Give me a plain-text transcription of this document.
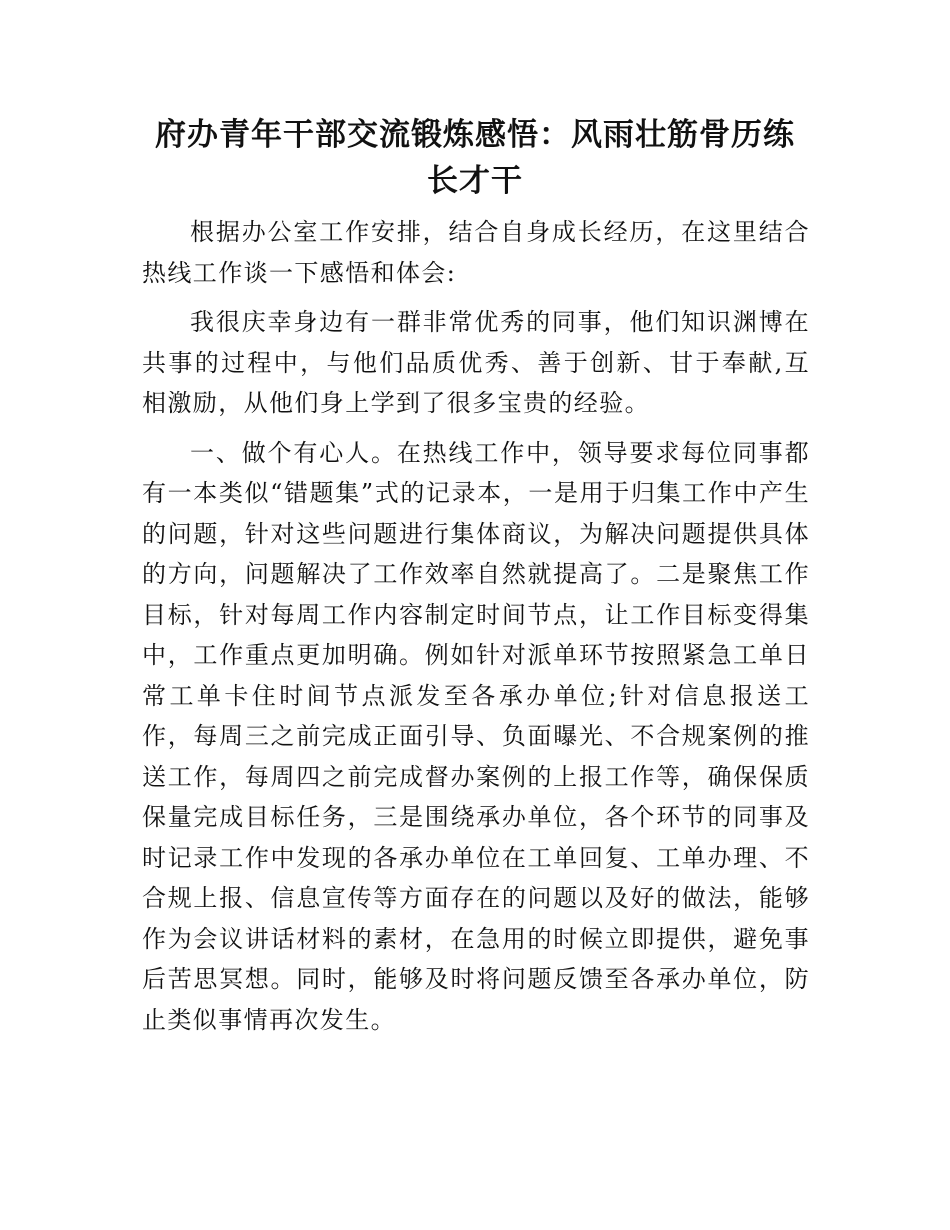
府办青年干部交流锻炼感悟：风雨壮筋骨历练长才干

根据办公室工作安排，结合自身成长经历，在这里结合热线工作谈一下感悟和体会:

我很庆幸身边有一群非常优秀的同事，他们知识渊博在共事的过程中，与他们品质优秀、善于创新、甘于奉献,互相激励，从他们身上学到了很多宝贵的经验。

一、做个有心人。在热线工作中，领导要求每位同事都有一本类似“错题集”式的记录本，一是用于归集工作中产生的问题，针对这些问题进行集体商议，为解决问题提供具体的方向，问题解决了工作效率自然就提高了。二是聚焦工作目标，针对每周工作内容制定时间节点，让工作目标变得集中，工作重点更加明确。例如针对派单环节按照紧急工单日常工单卡住时间节点派发至各承办单位;针对信息报送工作，每周三之前完成正面引导、负面曝光、不合规案例的推送工作，每周四之前完成督办案例的上报工作等，确保保质保量完成目标任务，三是围绕承办单位，各个环节的同事及时记录工作中发现的各承办单位在工单回复、工单办理、不合规上报、信息宣传等方面存在的问题以及好的做法，能够作为会议讲话材料的素材，在急用的时候立即提供，避免事后苦思冥想。同时，能够及时将问题反馈至各承办单位，防止类似事情再次发生。
